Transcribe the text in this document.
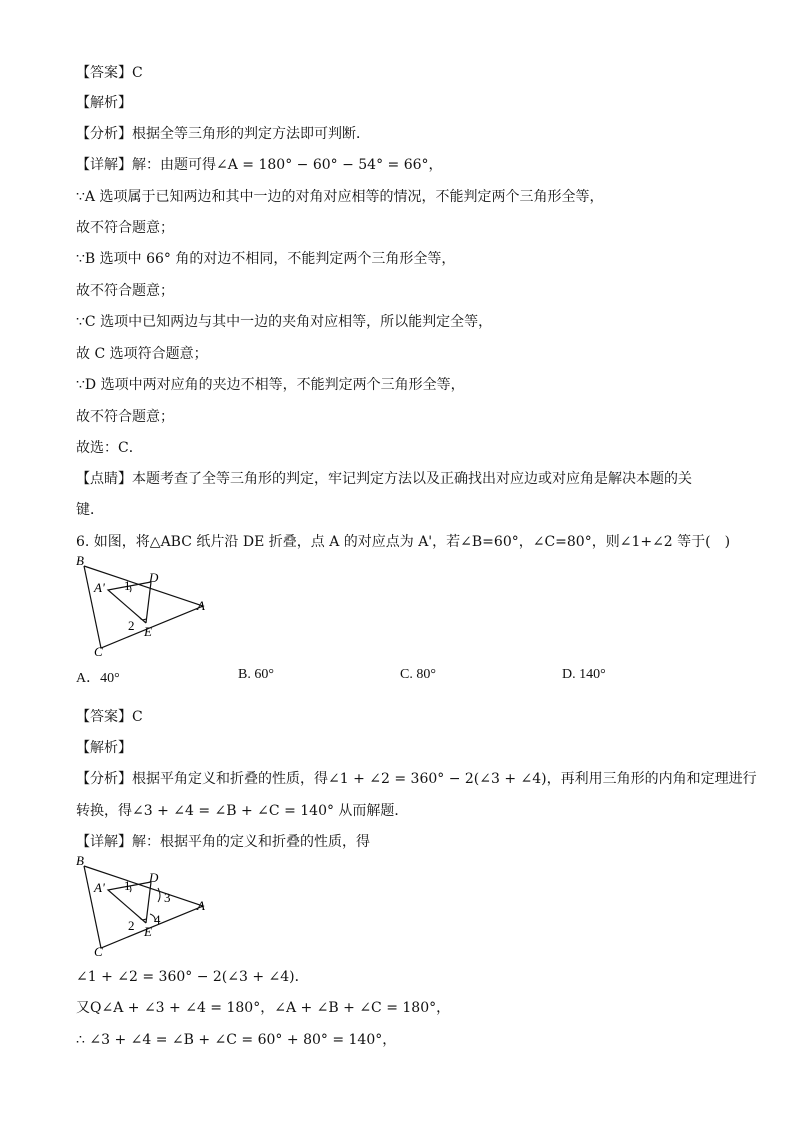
【答案】C
【解析】
【分析】根据全等三角形的判定方法即可判断．
【详解】解：由题可得∠A = 180° − 60° − 54° = 66°，
∵A 选项属于已知两边和其中一边的对角对应相等的情况，不能判定两个三角形全等，
故不符合题意；
∵B 选项中 66° 角的对边不相同，不能判定两个三角形全等，
故不符合题意；
∵C 选项中已知两边与其中一边的夹角对应相等，所以能判定全等，
故 C 选项符合题意；
∵D 选项中两对应角的夹边不相等，不能判定两个三角形全等，
故不符合题意；
故选：C．
【点睛】本题考查了全等三角形的判定，牢记判定方法以及正确找出对应边或对应角是解决本题的关
键．
6. 如图，将△ABC 纸片沿 DE 折叠，点 A 的对应点为 A'，若∠B=60°，∠C=80°，则∠1+∠2 等于(　)
B
C
A
A'
D
E
1
2
A．40°	B. 60°	C. 80°	D. 140°
【答案】C
【解析】
【分析】根据平角定义和折叠的性质，得∠1 + ∠2 = 360° − 2(∠3 + ∠4)，再利用三角形的内角和定理进行
转换，得∠3 + ∠4 = ∠B + ∠C = 140° 从而解题．
【详解】解：根据平角的定义和折叠的性质，得
B
C
A
A'
D
E
1
2
3
4
∠1 + ∠2 = 360° − 2(∠3 + ∠4)．
又Q∠A + ∠3 + ∠4 = 180°，∠A + ∠B + ∠C = 180°，
∴ ∠3 + ∠4 = ∠B + ∠C = 60° + 80° = 140°，
